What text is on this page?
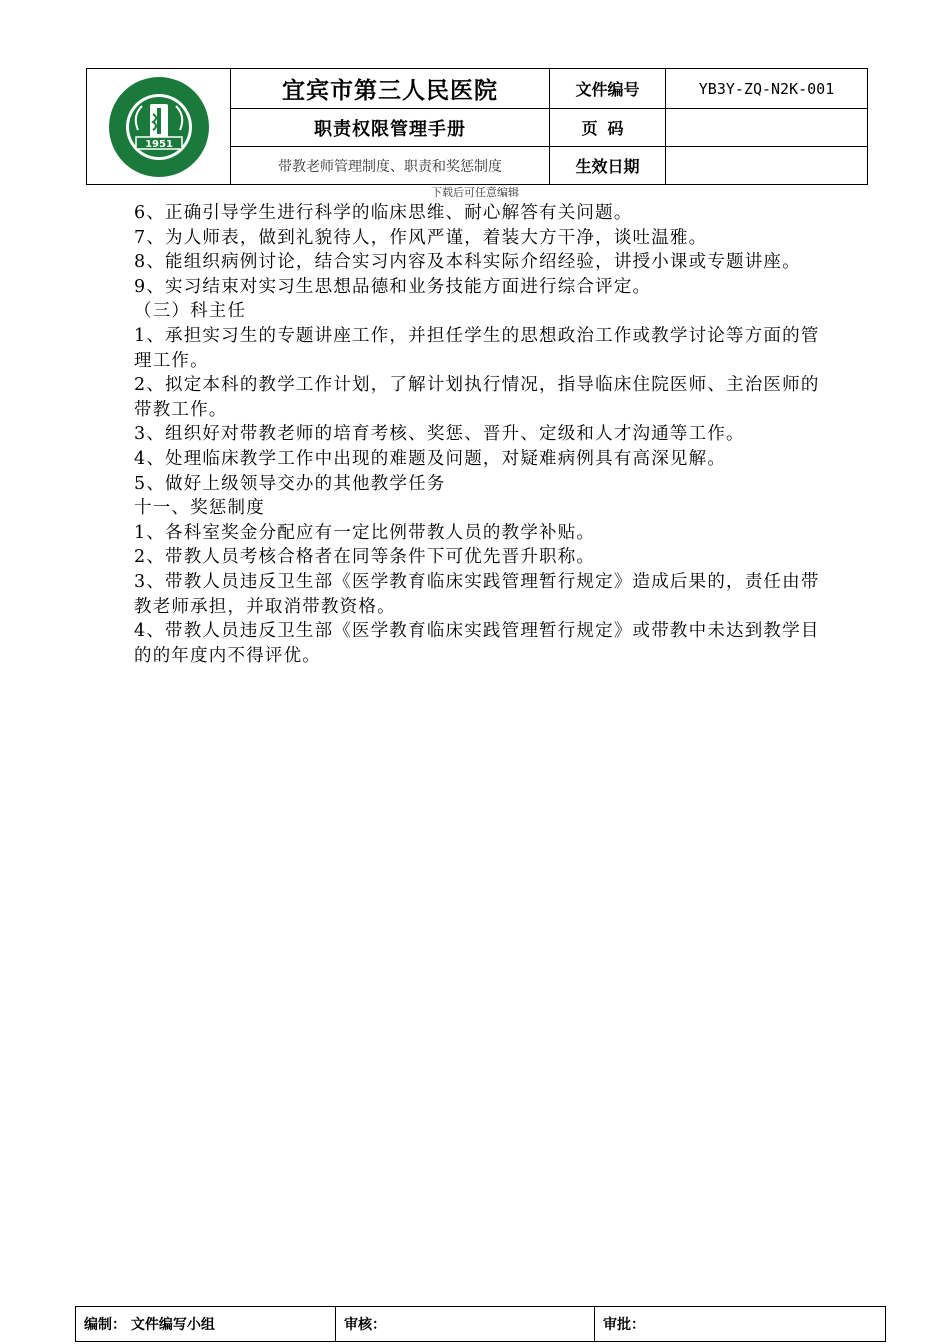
1951	宜宾市第三人民医院	文件编号	YB3Y-ZQ-N2K-001
	职责权限管理手册	页码	
	带教老师管理制度、职责和奖惩制度	生效日期	
下载后可任意编辑

6、正确引导学生进行科学的临床思维、耐心解答有关问题。

7、为人师表，做到礼貌待人，作风严谨，着装大方干净，谈吐温雅。

8、能组织病例讨论，结合实习内容及本科实际介绍经验，讲授小课或专题讲座。

9、实习结束对实习生思想品德和业务技能方面进行综合评定。

（三）科主任

1、承担实习生的专题讲座工作，并担任学生的思想政治工作或教学讨论等方面的管理工作。

2、拟定本科的教学工作计划，了解计划执行情况，指导临床住院医师、主治医师的带教工作。

3、组织好对带教老师的培育考核、奖惩、晋升、定级和人才沟通等工作。

4、处理临床教学工作中出现的难题及问题，对疑难病例具有高深见解。

5、做好上级领导交办的其他教学任务

十一、奖惩制度

1、各科室奖金分配应有一定比例带教人员的教学补贴。

2、带教人员考核合格者在同等条件下可优先晋升职称。

3、带教人员违反卫生部《医学教育临床实践管理暂行规定》造成后果的，责任由带教老师承担，并取消带教资格。

4、带教人员违反卫生部《医学教育临床实践管理暂行规定》或带教中未达到教学目的的年度内不得评优。

编制： 文件编写小组	审核：	审批：
